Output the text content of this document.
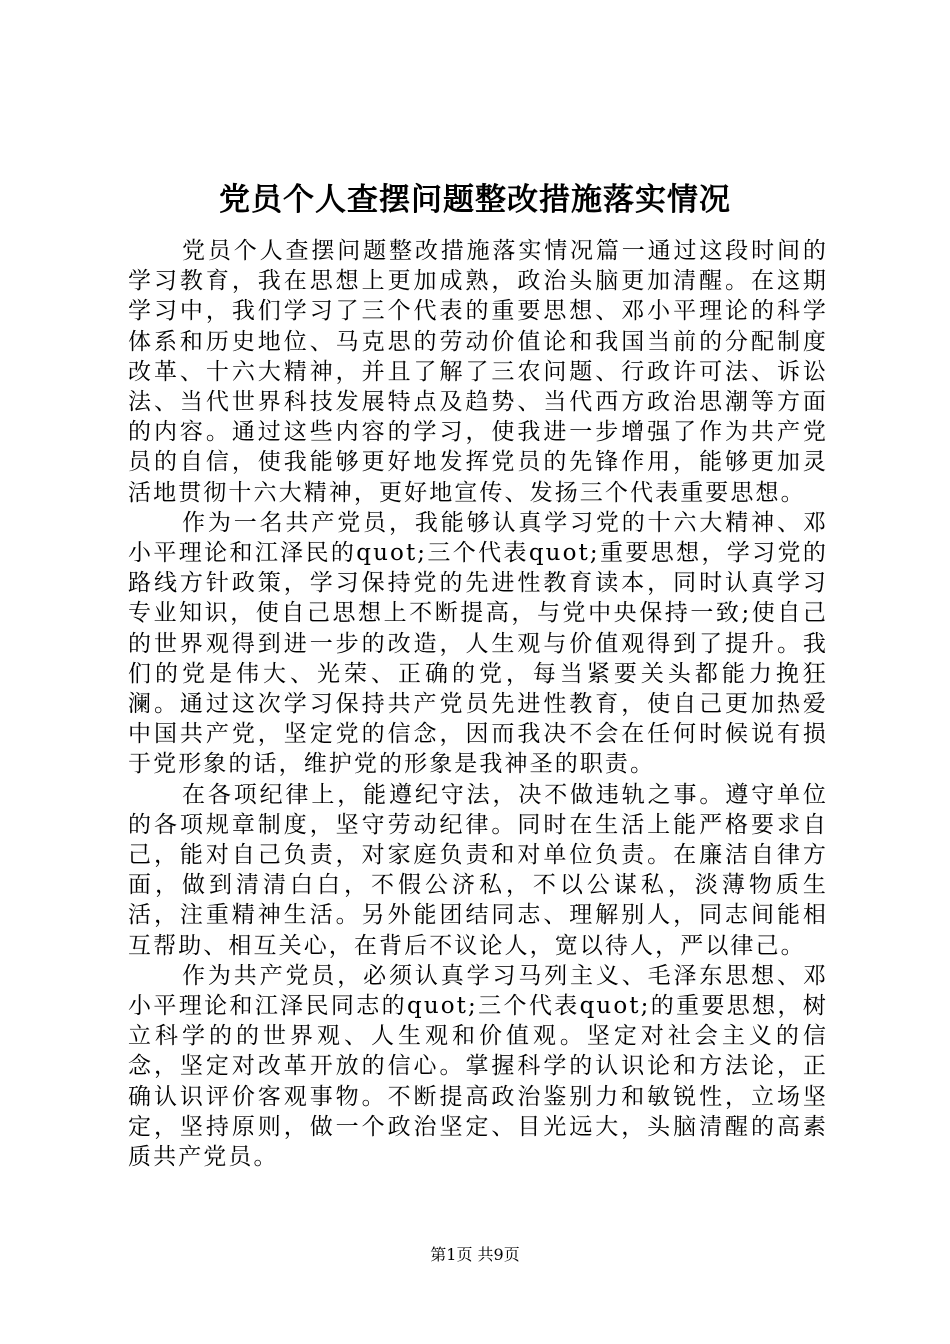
党员个人查摆问题整改措施落实情况

党员个人查摆问题整改措施落实情况篇一通过这段时间的学习教育，我在思想上更加成熟，政治头脑更加清醒。在这期学习中，我们学习了三个代表的重要思想、邓小平理论的科学体系和历史地位、马克思的劳动价值论和我国当前的分配制度改革、十六大精神，并且了解了三农问题、行政许可法、诉讼法、当代世界科技发展特点及趋势、当代西方政治思潮等方面的内容。通过这些内容的学习，使我进一步增强了作为共产党员的自信，使我能够更好地发挥党员的先锋作用，能够更加灵活地贯彻十六大精神，更好地宣传、发扬三个代表重要思想。

作为一名共产党员，我能够认真学习党的十六大精神、邓小平理论和江泽民的quot;三个代表quot;重要思想，学习党的路线方针政策，学习保持党的先进性教育读本，同时认真学习专业知识，使自己思想上不断提高，与党中央保持一致;使自己的世界观得到进一步的改造，人生观与价值观得到了提升。我们的党是伟大、光荣、正确的党，每当紧要关头都能力挽狂澜。通过这次学习保持共产党员先进性教育，使自己更加热爱中国共产党，坚定党的信念，因而我决不会在任何时候说有损于党形象的话，维护党的形象是我神圣的职责。

在各项纪律上，能遵纪守法，决不做违轨之事。遵守单位的各项规章制度，坚守劳动纪律。同时在生活上能严格要求自己，能对自己负责，对家庭负责和对单位负责。在廉洁自律方面，做到清清白白，不假公济私，不以公谋私，淡薄物质生活，注重精神生活。另外能团结同志、理解别人，同志间能相互帮助、相互关心，在背后不议论人，宽以待人，严以律己。

作为共产党员，必须认真学习马列主义、毛泽东思想、邓小平理论和江泽民同志的quot;三个代表quot;的重要思想，树立科学的的世界观、人生观和价值观。坚定对社会主义的信念，坚定对改革开放的信心。掌握科学的认识论和方法论，正确认识评价客观事物。不断提高政治鉴别力和敏锐性，立场坚定，坚持原则，做一个政治坚定、目光远大，头脑清醒的高素质共产党员。

第1页 共9页
